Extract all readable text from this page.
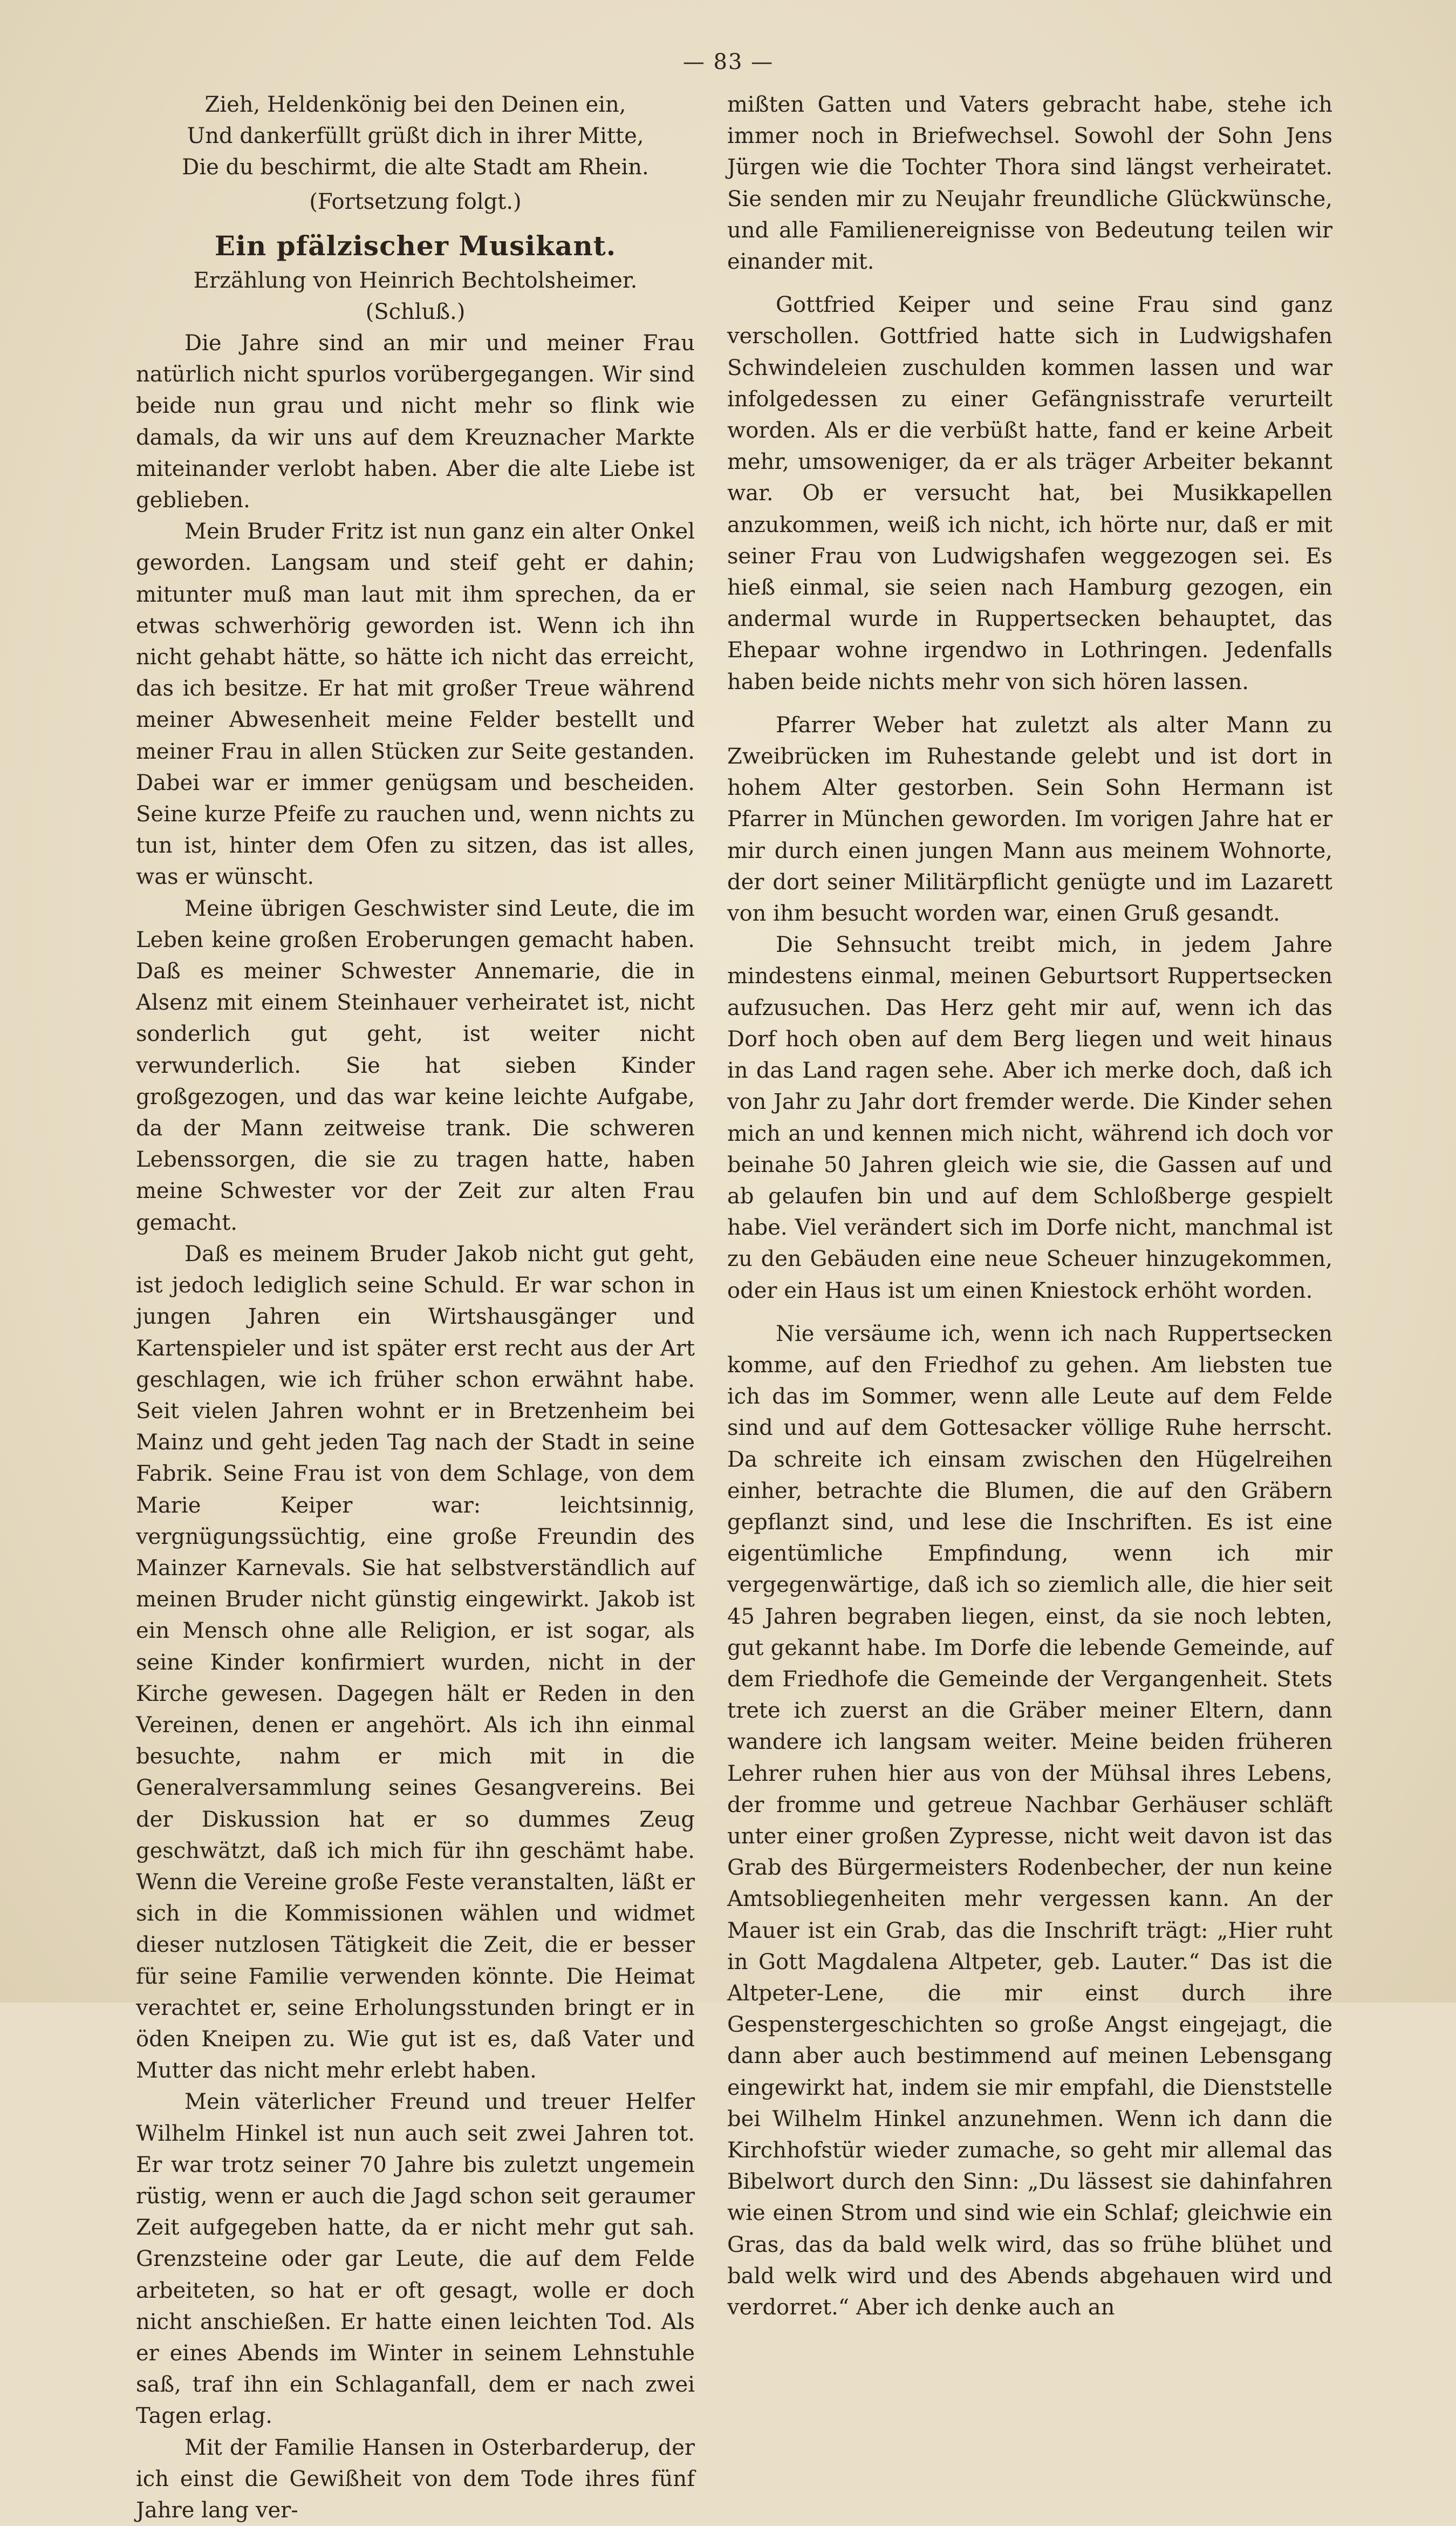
— 83 —
Zieh, Heldenkönig bei den Deinen ein,
Und dankerfüllt grüßt dich in ihrer Mitte,
Die du beschirmt, die alte Stadt am Rhein.
(Fortsetzung folgt.)
Ein pfälzischer Musikant.
Erzählung von Heinrich Bechtolsheimer.
(Schluß.)

Die Jahre sind an mir und meiner Frau natürlich nicht spurlos vorübergegangen. Wir sind beide nun grau und nicht mehr so flink wie damals, da wir uns auf dem Kreuznacher Markte miteinander verlobt haben. Aber die alte Liebe ist geblieben.

Mein Bruder Fritz ist nun ganz ein alter Onkel geworden. Langsam und steif geht er dahin; mitunter muß man laut mit ihm sprechen, da er etwas schwerhörig geworden ist. Wenn ich ihn nicht gehabt hätte, so hätte ich nicht das erreicht, das ich besitze. Er hat mit großer Treue während meiner Abwesenheit meine Felder bestellt und meiner Frau in allen Stücken zur Seite gestanden. Dabei war er immer genügsam und bescheiden. Seine kurze Pfeife zu rauchen und, wenn nichts zu tun ist, hinter dem Ofen zu sitzen, das ist alles, was er wünscht.

Meine übrigen Geschwister sind Leute, die im Leben keine großen Eroberungen gemacht haben. Daß es meiner Schwester Annemarie, die in Alsenz mit einem Steinhauer verheiratet ist, nicht sonderlich gut geht, ist weiter nicht verwunderlich. Sie hat sieben Kinder großgezogen, und das war keine leichte Aufgabe, da der Mann zeitweise trank. Die schweren Lebenssorgen, die sie zu tragen hatte, haben meine Schwester vor der Zeit zur alten Frau gemacht.

Daß es meinem Bruder Jakob nicht gut geht, ist jedoch lediglich seine Schuld. Er war schon in jungen Jahren ein Wirtshausgänger und Kartenspieler und ist später erst recht aus der Art geschlagen, wie ich früher schon erwähnt habe. Seit vielen Jahren wohnt er in Bretzenheim bei Mainz und geht jeden Tag nach der Stadt in seine Fabrik. Seine Frau ist von dem Schlage, von dem Marie Keiper war: leichtsinnig, vergnügungssüchtig, eine große Freundin des Mainzer Karnevals. Sie hat selbstverständlich auf meinen Bruder nicht günstig eingewirkt. Jakob ist ein Mensch ohne alle Religion, er ist sogar, als seine Kinder konfirmiert wurden, nicht in der Kirche gewesen. Dagegen hält er Reden in den Vereinen, denen er angehört. Als ich ihn einmal besuchte, nahm er mich mit in die Generalversammlung seines Gesangvereins. Bei der Diskussion hat er so dummes Zeug geschwätzt, daß ich mich für ihn geschämt habe. Wenn die Vereine große Feste veranstalten, läßt er sich in die Kommissionen wählen und widmet dieser nutzlosen Tätigkeit die Zeit, die er besser für seine Familie verwenden könnte. Die Heimat verachtet er, seine Erholungsstunden bringt er in öden Kneipen zu. Wie gut ist es, daß Vater und Mutter das nicht mehr erlebt haben.

Mein väterlicher Freund und treuer Helfer Wilhelm Hinkel ist nun auch seit zwei Jahren tot. Er war trotz seiner 70 Jahre bis zuletzt ungemein rüstig, wenn er auch die Jagd schon seit geraumer Zeit aufgegeben hatte, da er nicht mehr gut sah. Grenzsteine oder gar Leute, die auf dem Felde arbeiteten, so hat er oft gesagt, wolle er doch nicht anschießen. Er hatte einen leichten Tod. Als er eines Abends im Winter in seinem Lehnstuhle saß, traf ihn ein Schlaganfall, dem er nach zwei Tagen erlag.

Mit der Familie Hansen in Osterbarderup, der ich einst die Gewißheit von dem Tode ihres fünf Jahre lang ver-

mißten Gatten und Vaters gebracht habe, stehe ich immer noch in Briefwechsel. Sowohl der Sohn Jens Jürgen wie die Tochter Thora sind längst verheiratet. Sie senden mir zu Neujahr freundliche Glückwünsche, und alle Familienereignisse von Bedeutung teilen wir einander mit.

Gottfried Keiper und seine Frau sind ganz verschollen. Gottfried hatte sich in Ludwigshafen Schwindeleien zuschulden kommen lassen und war infolgedessen zu einer Gefängnisstrafe verurteilt worden. Als er die verbüßt hatte, fand er keine Arbeit mehr, umsoweniger, da er als träger Arbeiter bekannt war. Ob er versucht hat, bei Musikkapellen anzukommen, weiß ich nicht, ich hörte nur, daß er mit seiner Frau von Ludwigshafen weggezogen sei. Es hieß einmal, sie seien nach Hamburg gezogen, ein andermal wurde in Ruppertsecken behauptet, das Ehepaar wohne irgendwo in Lothringen. Jedenfalls haben beide nichts mehr von sich hören lassen.

Pfarrer Weber hat zuletzt als alter Mann zu Zweibrücken im Ruhestande gelebt und ist dort in hohem Alter gestorben. Sein Sohn Hermann ist Pfarrer in München geworden. Im vorigen Jahre hat er mir durch einen jungen Mann aus meinem Wohnorte, der dort seiner Militärpflicht genügte und im Lazarett von ihm besucht worden war, einen Gruß gesandt.

Die Sehnsucht treibt mich, in jedem Jahre mindestens einmal, meinen Geburtsort Ruppertsecken aufzusuchen. Das Herz geht mir auf, wenn ich das Dorf hoch oben auf dem Berg liegen und weit hinaus in das Land ragen sehe. Aber ich merke doch, daß ich von Jahr zu Jahr dort fremder werde. Die Kinder sehen mich an und kennen mich nicht, während ich doch vor beinahe 50 Jahren gleich wie sie, die Gassen auf und ab gelaufen bin und auf dem Schloßberge gespielt habe. Viel verändert sich im Dorfe nicht, manchmal ist zu den Gebäuden eine neue Scheuer hinzugekommen, oder ein Haus ist um einen Kniestock erhöht worden.

Nie versäume ich, wenn ich nach Ruppertsecken komme, auf den Friedhof zu gehen. Am liebsten tue ich das im Sommer, wenn alle Leute auf dem Felde sind und auf dem Gottesacker völlige Ruhe herrscht. Da schreite ich einsam zwischen den Hügelreihen einher, betrachte die Blumen, die auf den Gräbern gepflanzt sind, und lese die Inschriften. Es ist eine eigentümliche Empfindung, wenn ich mir vergegenwärtige, daß ich so ziemlich alle, die hier seit 45 Jahren begraben liegen, einst, da sie noch lebten, gut gekannt habe. Im Dorfe die lebende Gemeinde, auf dem Friedhofe die Gemeinde der Vergangenheit. Stets trete ich zuerst an die Gräber meiner Eltern, dann wandere ich langsam weiter. Meine beiden früheren Lehrer ruhen hier aus von der Mühsal ihres Lebens, der fromme und getreue Nachbar Gerhäuser schläft unter einer großen Zypresse, nicht weit davon ist das Grab des Bürgermeisters Rodenbecher, der nun keine Amtsobliegenheiten mehr vergessen kann. An der Mauer ist ein Grab, das die Inschrift trägt: „Hier ruht in Gott Magdalena Altpeter, geb. Lauter.“ Das ist die Altpeter-Lene, die mir einst durch ihre Gespenstergeschichten so große Angst eingejagt, die dann aber auch bestimmend auf meinen Lebensgang eingewirkt hat, indem sie mir empfahl, die Dienststelle bei Wilhelm Hinkel anzunehmen. Wenn ich dann die Kirchhofstür wieder zumache, so geht mir allemal das Bibelwort durch den Sinn: „Du lässest sie dahinfahren wie einen Strom und sind wie ein Schlaf; gleichwie ein Gras, das da bald welk wird, das so frühe blühet und bald welk wird und des Abends abgehauen wird und verdorret.“ Aber ich denke auch an
